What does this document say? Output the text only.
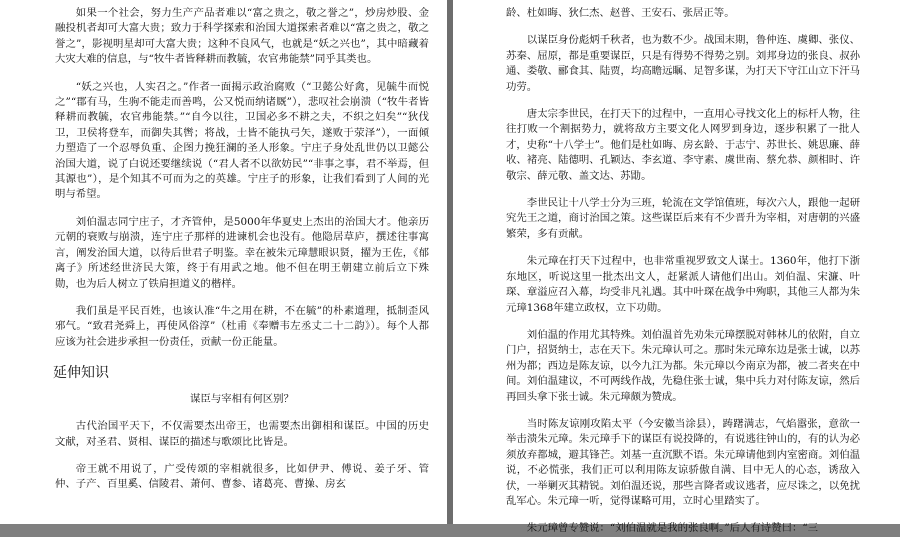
如果一个社会，努力生产产品者难以“富之贵之，敬之誉之”，炒房炒股、金融投机者却可大富大贵；致力于科学探索和治国大道探索者难以“富之贵之，敬之誉之”，影视明星却可大富大贵；这种不良风气，也就是“妖之兴也”，其中暗藏着大灾大难的信息，与“牧牛者皆释耕而教毓，农官弗能禁”同乎其类也。

“妖之兴也，人实召之。”作者一面揭示政治腐败（“卫懿公好禽，见毓牛而悦之”“郡有马，生驹不能走而善鸣，公又悦而纳诸厩”），悲叹社会崩溃（“牧牛者皆释耕而教毓，农官弗能禁。”“自今以往，卫国必多不耕之夫，不织之妇矣”“狄伐卫，卫侯将登车，而御失其辔；将战，士皆不能执弓矢，遂败于荥泽”），一面倾力塑造了一个忍辱负重、企图力挽狂澜的圣人形象。宁庄子身处乱世仍以卫懿公治国大道，说了白说还要继续说（“君人者不以欲妨民”“非事之事，君不举焉，但其源也”），是个知其不可而为之的英雄。宁庄子的形象，让我们看到了人间的光明与希望。

刘伯温志同宁庄子，才齐管仲，是5000年华夏史上杰出的治国大才。他亲历元朝的衰败与崩溃，连宁庄子那样的进谏机会也没有。他隐居草庐，撰述往事寓言，阐发治国大道，以待后世君子明鉴。幸在被朱元璋慧眼识贤，擢为王佐，《郁离子》所述经世济民大策，终于有用武之地。他不但在明王朝建立前后立下殊勋，也为后人树立了铁肩担道义的楷样。

我们虽是平民百姓，也该认准“牛之用在耕，不在毓”的朴素道理，抵制歪风邪气。“致君尧舜上，再使风俗淳”（杜甫《奉赠韦左丞丈二十二韵》）。每个人都应该为社会进步承担一份责任，贡献一份正能量。

延伸知识
谋臣与宰相有何区别？

古代治国平天下，不仅需要杰出帝王，也需要杰出御相和谋臣。中国的历史文献，对圣君、贤相、谋臣的描述与歌颂比比皆是。

帝王就不用说了，广受传颂的宰相就很多，比如伊尹、傅说、姜子牙、管仲、子产、百里奚、信陵君、萧何、曹参、诸葛亮、曹操、房玄

龄、杜如晦、狄仁杰、赵普、王安石、张居正等。

以谋臣身份彪炳千秋者，也为数不少。战国末期，鲁仲连、虞卿、张仪、苏秦、屈原，都是重要谋臣，只是有得势不得势之别。刘邦身边的张良、叔孙通、娄敬、郦食其、陆贾，均高瞻远瞩、足智多谋，为打天下守江山立下汗马功劳。

唐太宗李世民，在打天下的过程中，一直用心寻找文化上的标杆人物，往往打败一个割据势力，就将敌方主要文化人网罗到身边，逐步积累了一批人才，史称“十八学士”。他们是杜如晦、房玄龄、于志宁、苏世长、姚思廉、薛收、褚亮、陆德明、孔颖达、李玄道、李守素、虞世南、蔡允恭、颜相时、许敬宗、薛元敬、盖文达、苏勖。

李世民让十八学士分为三班，轮流在文学馆值班，每次六人，跟他一起研究先王之道，商讨治国之策。这些谋臣后来有不少晋升为宰相，对唐朝的兴盛繁荣，多有贡献。

朱元璋在打天下过程中，也非常重视罗致文人谋士。1360年，他打下浙东地区，听说这里一批杰出文人，赶紧派人请他们出山。刘伯温、宋濂、叶琛、章溢应召入幕，均受非凡礼遇。其中叶琛在战争中殉职，其他三人都为朱元璋1368年建立政权，立下功勋。

刘伯温的作用尤其特殊。刘伯温首先劝朱元璋摆脱对韩林儿的依附，自立门户，招贤纳士，志在天下。朱元璋认可之。那时朱元璋东边是张士诚，以苏州为都；西边是陈友谅，以今九江为都。朱元璋以今南京为都，被二者夹在中间。刘伯温建议，不可两线作战，先稳住张士诚，集中兵力对付陈友谅，然后再回头拿下张士诚。朱元璋颇为赞成。

当时陈友谅刚攻陷太平（今安徽当涂县），踌躇满志，气焰嚣张，意欲一举击溃朱元璋。朱元璋手下的谋臣有说投降的，有说逃往钟山的，有的认为必须放弃都城，避其锋芒。刘基一直沉默不语。朱元璋请他到内室密商。刘伯温说，不必慌张，我们正可以利用陈友谅骄傲自满、目中无人的心态，诱敌入伏，一举剿灭其精锐。刘伯温还说，那些言降者或议逃者，应尽诛之，以免扰乱军心。朱元璋一听，觉得谋略可用，立时心里踏实了。

朱元璋曾专赞说：“刘伯温就是我的张良啊。”后人有诗赞曰：“三
